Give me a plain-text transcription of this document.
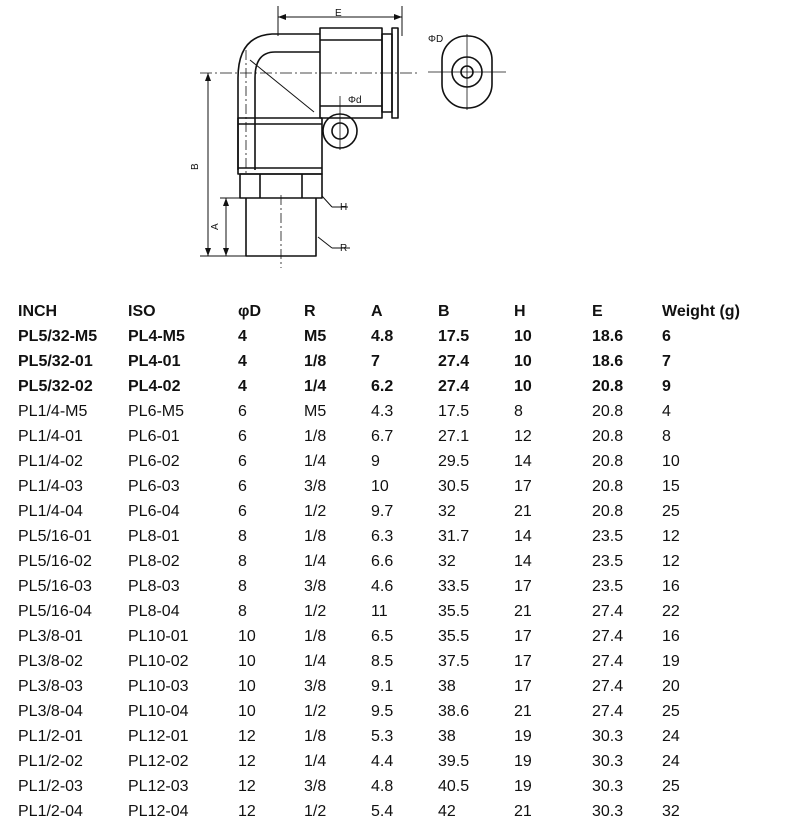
E
Φd
H
R
B
A
ΦD
INCH	ISO	φD	R	A	B	H	E	Weight (g)
PL5/32-M5	PL4-M5	4	M5	4.8	17.5	10	18.6	6
PL5/32-01	PL4-01	4	1/8	7	27.4	10	18.6	7
PL5/32-02	PL4-02	4	1/4	6.2	27.4	10	20.8	9
PL1/4-M5	PL6-M5	6	M5	4.3	17.5	8	20.8	4
PL1/4-01	PL6-01	6	1/8	6.7	27.1	12	20.8	8
PL1/4-02	PL6-02	6	1/4	9	29.5	14	20.8	10
PL1/4-03	PL6-03	6	3/8	10	30.5	17	20.8	15
PL1/4-04	PL6-04	6	1/2	9.7	32	21	20.8	25
PL5/16-01	PL8-01	8	1/8	6.3	31.7	14	23.5	12
PL5/16-02	PL8-02	8	1/4	6.6	32	14	23.5	12
PL5/16-03	PL8-03	8	3/8	4.6	33.5	17	23.5	16
PL5/16-04	PL8-04	8	1/2	11	35.5	21	27.4	22
PL3/8-01	PL10-01	10	1/8	6.5	35.5	17	27.4	16
PL3/8-02	PL10-02	10	1/4	8.5	37.5	17	27.4	19
PL3/8-03	PL10-03	10	3/8	9.1	38	17	27.4	20
PL3/8-04	PL10-04	10	1/2	9.5	38.6	21	27.4	25
PL1/2-01	PL12-01	12	1/8	5.3	38	19	30.3	24
PL1/2-02	PL12-02	12	1/4	4.4	39.5	19	30.3	24
PL1/2-03	PL12-03	12	3/8	4.8	40.5	19	30.3	25
PL1/2-04	PL12-04	12	1/2	5.4	42	21	30.3	32
